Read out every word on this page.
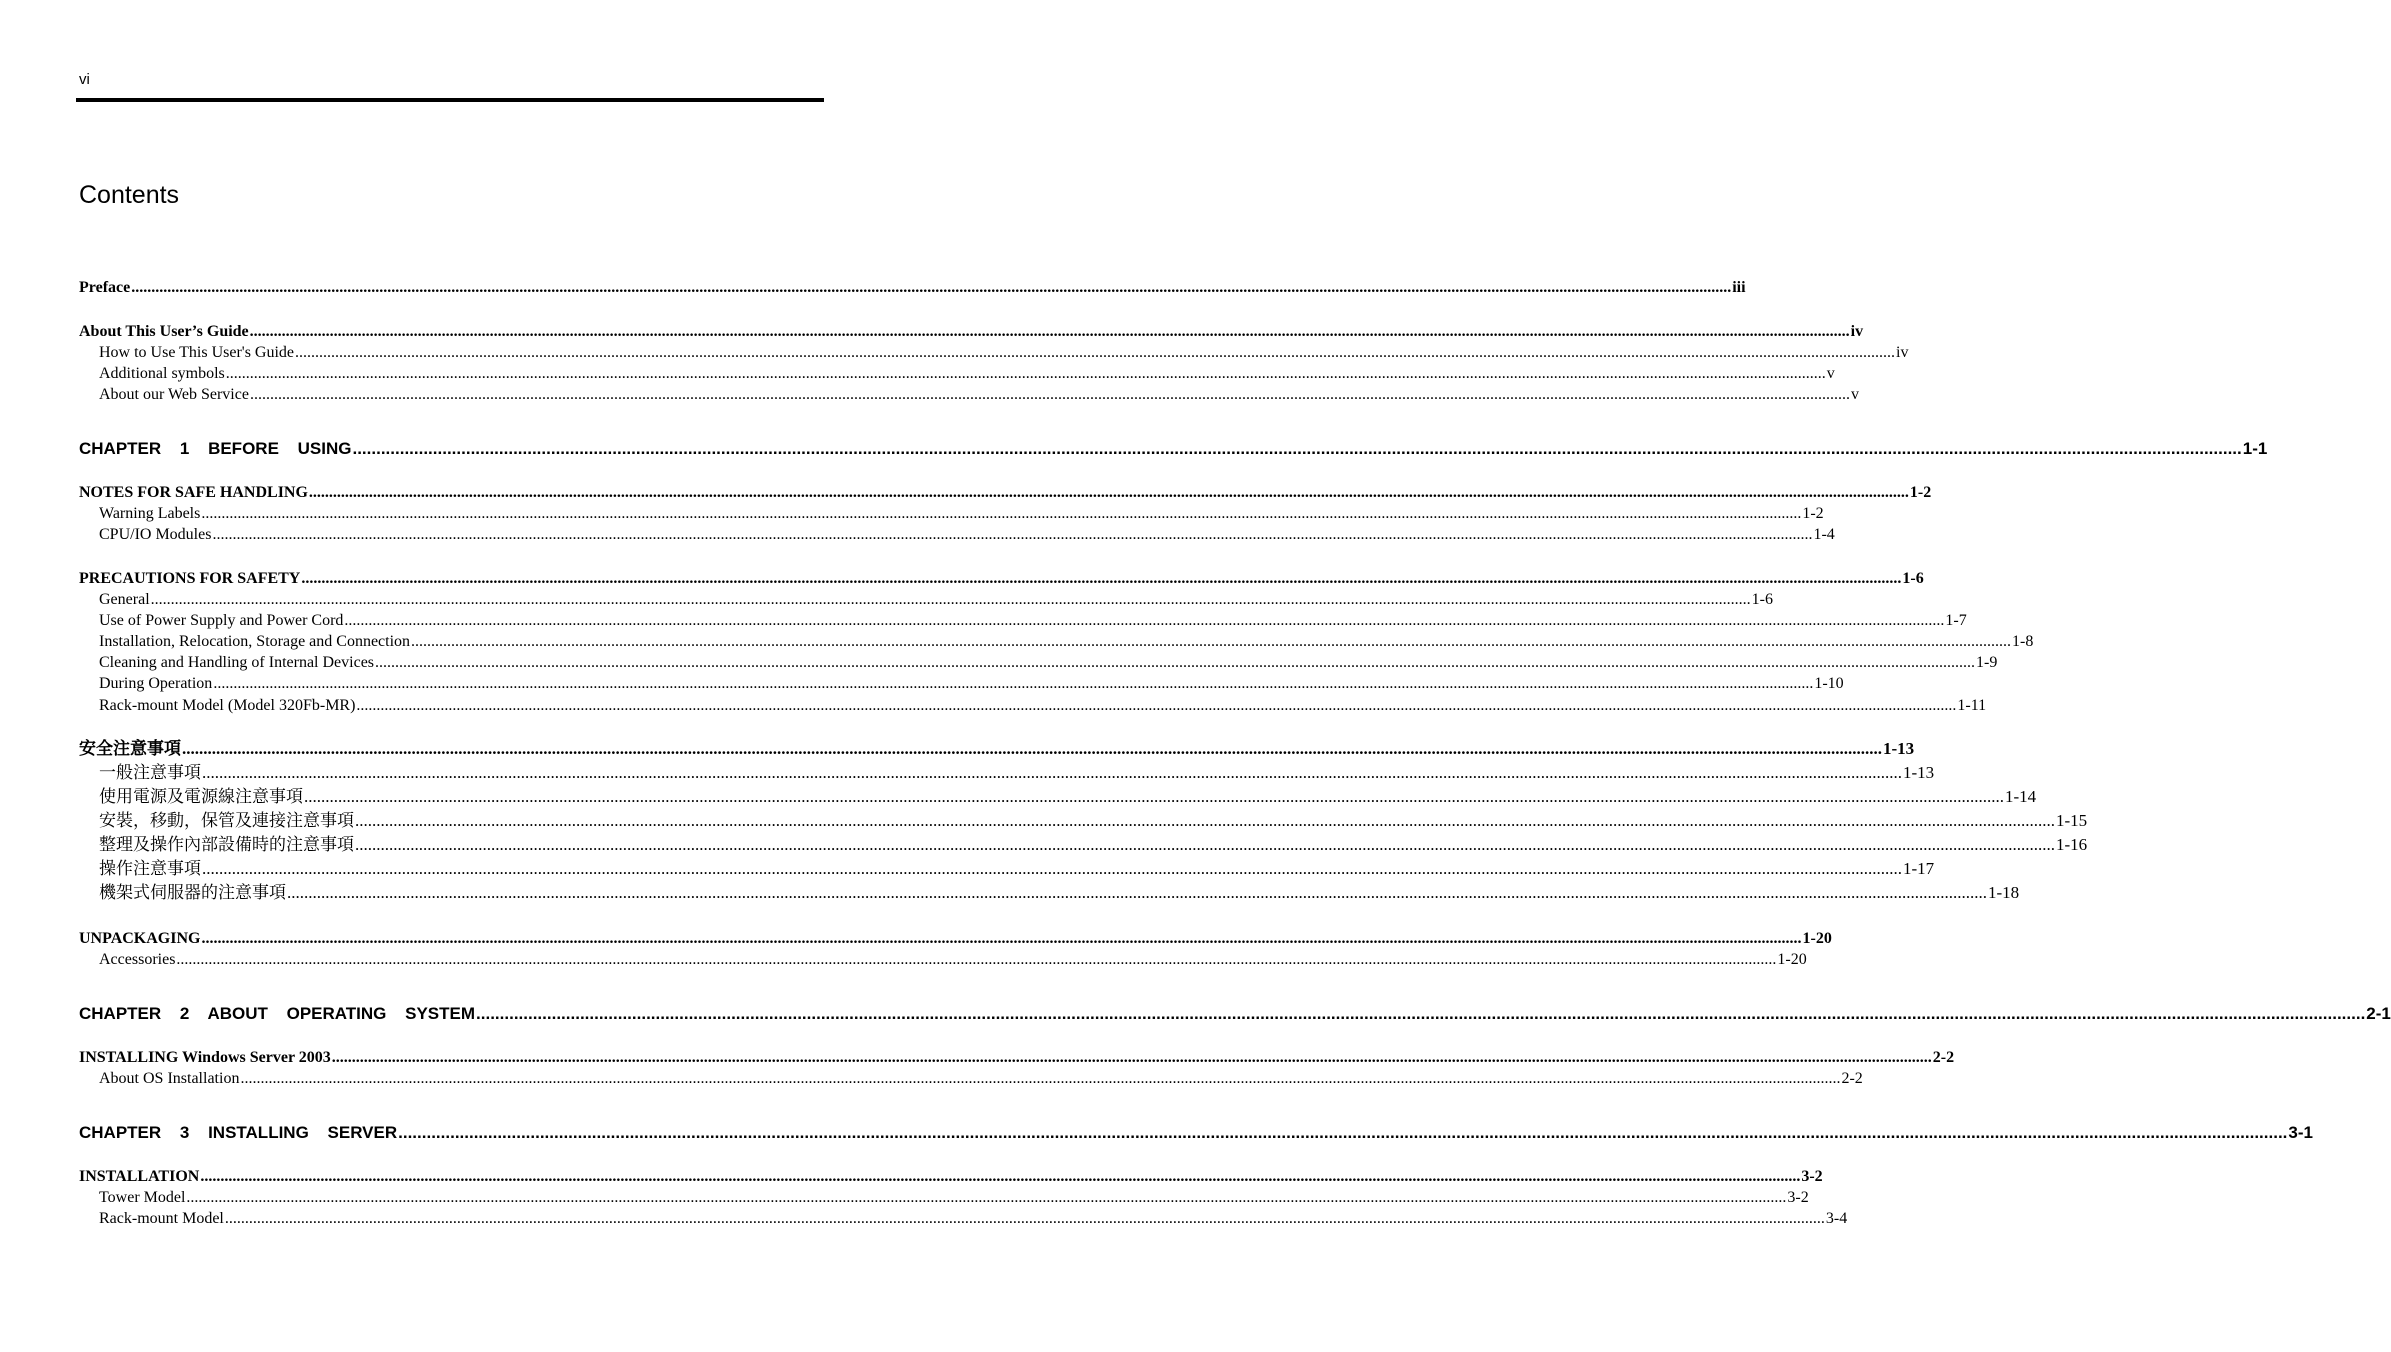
vi
Contents
Preface ................................................................................................................................................................................................................................................................................................................................................................................................................ iii
About This User’s Guide ................................................................................................................................................................................................................................................................................................................................................................................................................ iv
How to Use This User's Guide ................................................................................................................................................................................................................................................................................................................................................................................................................ iv
Additional symbols ................................................................................................................................................................................................................................................................................................................................................................................................................ v
About our Web Service ................................................................................................................................................................................................................................................................................................................................................................................................................ v
CHAPTER 1 BEFORE USING ................................................................................................................................................................................................................................................................................................................................................................................................................ 1-1
NOTES FOR SAFE HANDLING ................................................................................................................................................................................................................................................................................................................................................................................................................ 1-2
Warning Labels ................................................................................................................................................................................................................................................................................................................................................................................................................ 1-2
CPU/IO Modules ................................................................................................................................................................................................................................................................................................................................................................................................................ 1-4
PRECAUTIONS FOR SAFETY ................................................................................................................................................................................................................................................................................................................................................................................................................ 1-6
General ................................................................................................................................................................................................................................................................................................................................................................................................................ 1-6
Use of Power Supply and Power Cord ................................................................................................................................................................................................................................................................................................................................................................................................................ 1-7
Installation, Relocation, Storage and Connection ................................................................................................................................................................................................................................................................................................................................................................................................................ 1-8
Cleaning and Handling of Internal Devices ................................................................................................................................................................................................................................................................................................................................................................................................................ 1-9
During Operation ................................................................................................................................................................................................................................................................................................................................................................................................................ 1-10
Rack-mount Model (Model 320Fb-MR) ................................................................................................................................................................................................................................................................................................................................................................................................................ 1-11
安全注意事項 ................................................................................................................................................................................................................................................................................................................................................................................................................ 1-13
一般注意事項 ................................................................................................................................................................................................................................................................................................................................................................................................................ 1-13
使用電源及電源線注意事項 ................................................................................................................................................................................................................................................................................................................................................................................................................ 1-14
安裝，移動，保管及連接注意事項 ................................................................................................................................................................................................................................................................................................................................................................................................................ 1-15
整理及操作內部設備時的注意事項 ................................................................................................................................................................................................................................................................................................................................................................................................................ 1-16
操作注意事項 ................................................................................................................................................................................................................................................................................................................................................................................................................ 1-17
機架式伺服器的注意事項 ................................................................................................................................................................................................................................................................................................................................................................................................................ 1-18
UNPACKAGING ................................................................................................................................................................................................................................................................................................................................................................................................................ 1-20
Accessories ................................................................................................................................................................................................................................................................................................................................................................................................................ 1-20
CHAPTER 2 ABOUT OPERATING SYSTEM ................................................................................................................................................................................................................................................................................................................................................................................................................ 2-1
INSTALLING Windows Server 2003 ................................................................................................................................................................................................................................................................................................................................................................................................................ 2-2
About OS Installation ................................................................................................................................................................................................................................................................................................................................................................................................................ 2-2
CHAPTER 3 INSTALLING SERVER ................................................................................................................................................................................................................................................................................................................................................................................................................ 3-1
INSTALLATION ................................................................................................................................................................................................................................................................................................................................................................................................................ 3-2
Tower Model ................................................................................................................................................................................................................................................................................................................................................................................................................ 3-2
Rack-mount Model ................................................................................................................................................................................................................................................................................................................................................................................................................ 3-4
